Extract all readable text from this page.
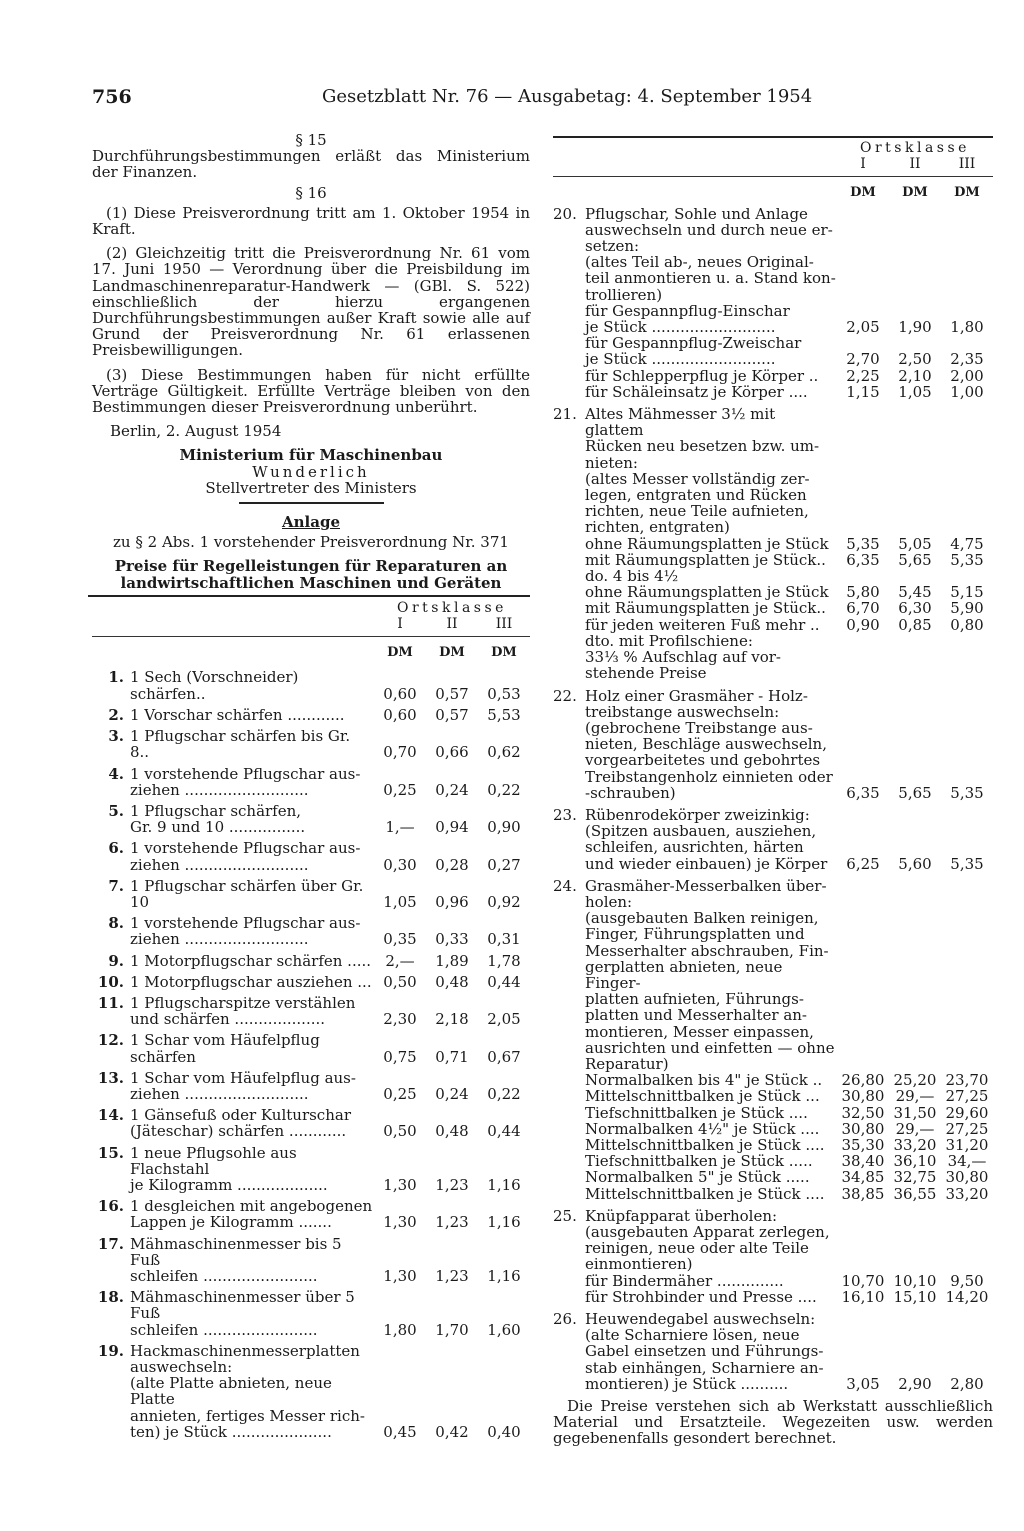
756	Gesetzblatt Nr. 76 — Ausgabetag: 4. September 1954

§ 15

Durchführungsbestimmungen erläßt das Ministerium der Finanzen.

§ 16

(1) Diese Preisverordnung tritt am 1. Oktober 1954 in Kraft.

(2) Gleichzeitig tritt die Preisverordnung Nr. 61 vom 17. Juni 1950 — Verordnung über die Preisbildung im Landmaschinenreparatur-Handwerk — (GBl. S. 522) einschließlich der hierzu ergangenen Durchführungsbestimmungen außer Kraft sowie alle auf Grund der Preisverordnung Nr. 61 erlassenen Preisbewilligungen.

(3) Diese Bestimmungen haben für nicht erfüllte Verträge Gültigkeit. Erfüllte Verträge bleiben von den Bestimmungen dieser Preisverordnung unberührt.

Berlin, 2. August 1954

Ministerium für Maschinenbau

Wunderlich

Stellvertreter des Ministers

Anlage

zu § 2 Abs. 1 vorstehender Preisverordnung Nr. 371

Preise für Regelleistungen für Reparaturen an landwirtschaftlichen Maschinen und Geräten

Ortsklasse
I	II	III
DM	DM	DM
1. 1 Sech (Vorschneider) schärfen..	0,60	0,57	0,53
2. 1 Vorschar schärfen ............	0,60	0,57	5,53
3. 1 Pflugschar schärfen bis Gr. 8..	0,70	0,66	0,62
4. 1 vorstehende Pflugschar aus-
ziehen ..........................	0,25	0,24	0,22
5. 1 Pflugschar schärfen,
Gr. 9 und 10 ................	1,—	0,94	0,90
6. 1 vorstehende Pflugschar aus-
ziehen ..........................	0,30	0,28	0,27
7. 1 Pflugschar schärfen über Gr. 10	1,05	0,96	0,92
8. 1 vorstehende Pflugschar aus-
ziehen ..........................	0,35	0,33	0,31
9. 1 Motorpflugschar schärfen ..... 2,—	1,89	1,78
10. 1 Motorpflugschar ausziehen ... 0,50	0,48	0,44
11. 1 Pflugscharspitze verstählen
und schärfen ...................	2,30	2,18	2,05
12. 1 Schar vom Häufelpflug schärfen	0,75	0,71	0,67
13. 1 Schar vom Häufelpflug aus-
ziehen ..........................	0,25	0,24	0,22
14. 1 Gänsefuß oder Kulturschar
(Jäteschar) schärfen ............	0,50	0,48	0,44
15. 1 neue Pflugsohle aus Flachstahl
je Kilogramm ...................	1,30	1,23	1,16
16. 1 desgleichen mit angebogenen
Lappen je Kilogramm .......	1,30	1,23	1,16
17. Mähmaschinenmesser bis 5 Fuß
schleifen ........................	1,30	1,23	1,16
18. Mähmaschinenmesser über 5 Fuß
schleifen ........................	1,80	1,70	1,60
19. Hackmaschinenmesserplatten
auswechseln:
(alte Platte abnieten, neue Platte
annieten, fertiges Messer rich-
ten) je Stück .....................	0,45	0,42	0,40
Ortsklasse
I	II	III
DM	DM	DM
20. Pflugschar, Sohle und Anlage
auswechseln und durch neue er-
setzen:
(altes Teil ab-, neues Original-
teil anmontieren u. a. Stand kon-
trollieren)
für Gespannpflug-Einschar
je Stück ..........................	2,05	1,90	1,80
für Gespannpflug-Zweischar
je Stück ..........................	2,70	2,50	2,35
für Schlepperpflug je Körper ..	2,25	2,10	2,00
für Schäleinsatz je Körper ....	1,15	1,05	1,00
21. Altes Mähmesser 3½ mit glattem
Rücken neu besetzen bzw. um-
nieten:
(altes Messer vollständig zer-
legen, entgraten und Rücken
richten, neue Teile aufnieten,
richten, entgraten)
ohne Räumungsplatten je Stück	5,35	5,05	4,75
mit Räumungsplatten je Stück..	6,35	5,65	5,35
do. 4 bis 4½
ohne Räumungsplatten je Stück	5,80	5,45	5,15
mit Räumungsplatten je Stück..	6,70	6,30	5,90
für jeden weiteren Fuß mehr ..	0,90	0,85	0,80
dto. mit Profilschiene:
33⅓ % Aufschlag auf vor-
stehende Preise
22. Holz einer Grasmäher - Holz-
treibstange auswechseln:
(gebrochene Treibstange aus-
nieten, Beschläge auswechseln,
vorgearbeitetes und gebohrtes
Treibstangenholz einnieten oder
-schrauben)	6,35	5,65	5,35
23. Rübenrodekörper zweizinkig:
(Spitzen ausbauen, ausziehen,
schleifen, ausrichten, härten
und wieder einbauen) je Körper	6,25	5,60	5,35
24. Grasmäher-Messerbalken über-
holen:
(ausgebauten Balken reinigen,
Finger, Führungsplatten und
Messerhalter abschrauben, Fin-
gerplatten abnieten, neue Finger-
platten aufnieten, Führungs-
platten und Messerhalter an-
montieren, Messer einpassen,
ausrichten und einfetten — ohne
Reparatur)
Normalbalken bis 4" je Stück ..	26,80 25,20 23,70
Mittelschnittbalken je Stück ...	30,80 29,— 27,25
Tiefschnittbalken je Stück ....	32,50 31,50 29,60
Normalbalken 4½" je Stück ....	30,80 29,— 27,25
Mittelschnittbalken je Stück ....	35,30 33,20 31,20
Tiefschnittbalken je Stück .....	38,40 36,10 34,—
Normalbalken 5" je Stück .....	34,85 32,75 30,80
Mittelschnittbalken je Stück ....	38,85 36,55 33,20
25. Knüpfapparat überholen:
(ausgebauten Apparat zerlegen,
reinigen, neue oder alte Teile
einmontieren)
für Bindermäher ..............	10,70 10,10 9,50
für Strohbinder und Presse ....	16,10 15,10 14,20
26. Heuwendegabel auswechseln:
(alte Scharniere lösen, neue
Gabel einsetzen und Führungs-
stab einhängen, Scharniere an-
montieren) je Stück ..........	3,05	2,90	2,80

Die Preise verstehen sich ab Werkstatt ausschließlich Material und Ersatzteile. Wegezeiten usw. werden gegebenenfalls gesondert berechnet.
